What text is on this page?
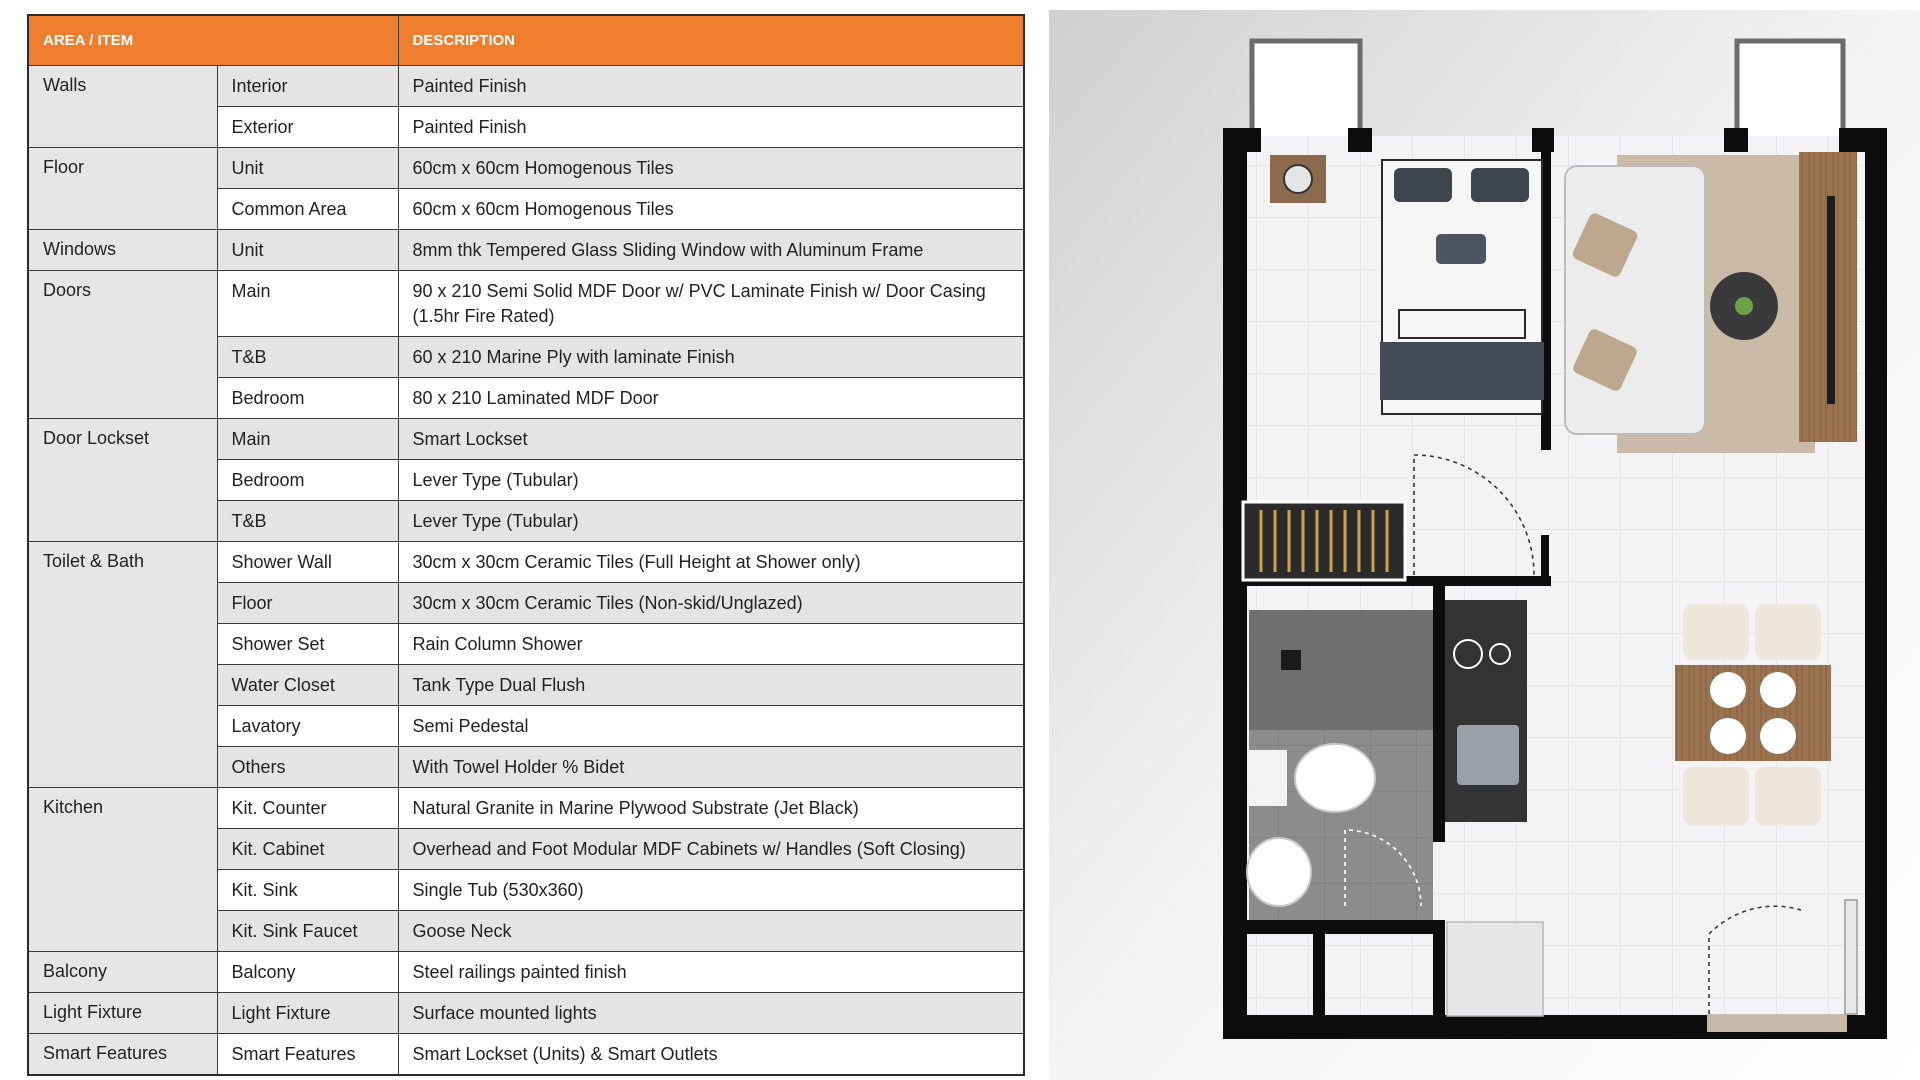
AREA / ITEM		DESCRIPTION
Walls	Interior	Painted Finish
	Exterior	Painted Finish
Floor	Unit	60cm x 60cm Homogenous Tiles
	Common Area	60cm x 60cm Homogenous Tiles
Windows	Unit	8mm thk Tempered Glass Sliding Window with Aluminum Frame
Doors	Main	90 x 210 Semi Solid MDF Door w/ PVC Laminate Finish w/ Door Casing (1.5hr Fire Rated)
	T&B	60 x 210 Marine Ply with laminate Finish
	Bedroom	80 x 210 Laminated MDF Door
Door Lockset	Main	Smart Lockset
	Bedroom	Lever Type (Tubular)
	T&B	Lever Type (Tubular)
Toilet & Bath	Shower Wall	30cm x 30cm Ceramic Tiles (Full Height at Shower only)
	Floor	30cm x 30cm Ceramic Tiles (Non-skid/Unglazed)
	Shower Set	Rain Column Shower
	Water Closet	Tank Type Dual Flush
	Lavatory	Semi Pedestal
	Others	With Towel Holder % Bidet
Kitchen	Kit. Counter	Natural Granite in Marine Plywood Substrate (Jet Black)
	Kit. Cabinet	Overhead and Foot Modular MDF Cabinets w/ Handles (Soft Closing)
	Kit. Sink	Single Tub (530x360)
	Kit. Sink Faucet	Goose Neck
Balcony	Balcony	Steel railings painted finish
Light Fixture	Light Fixture	Surface mounted lights
Smart Features	Smart Features	Smart Lockset (Units) & Smart Outlets
